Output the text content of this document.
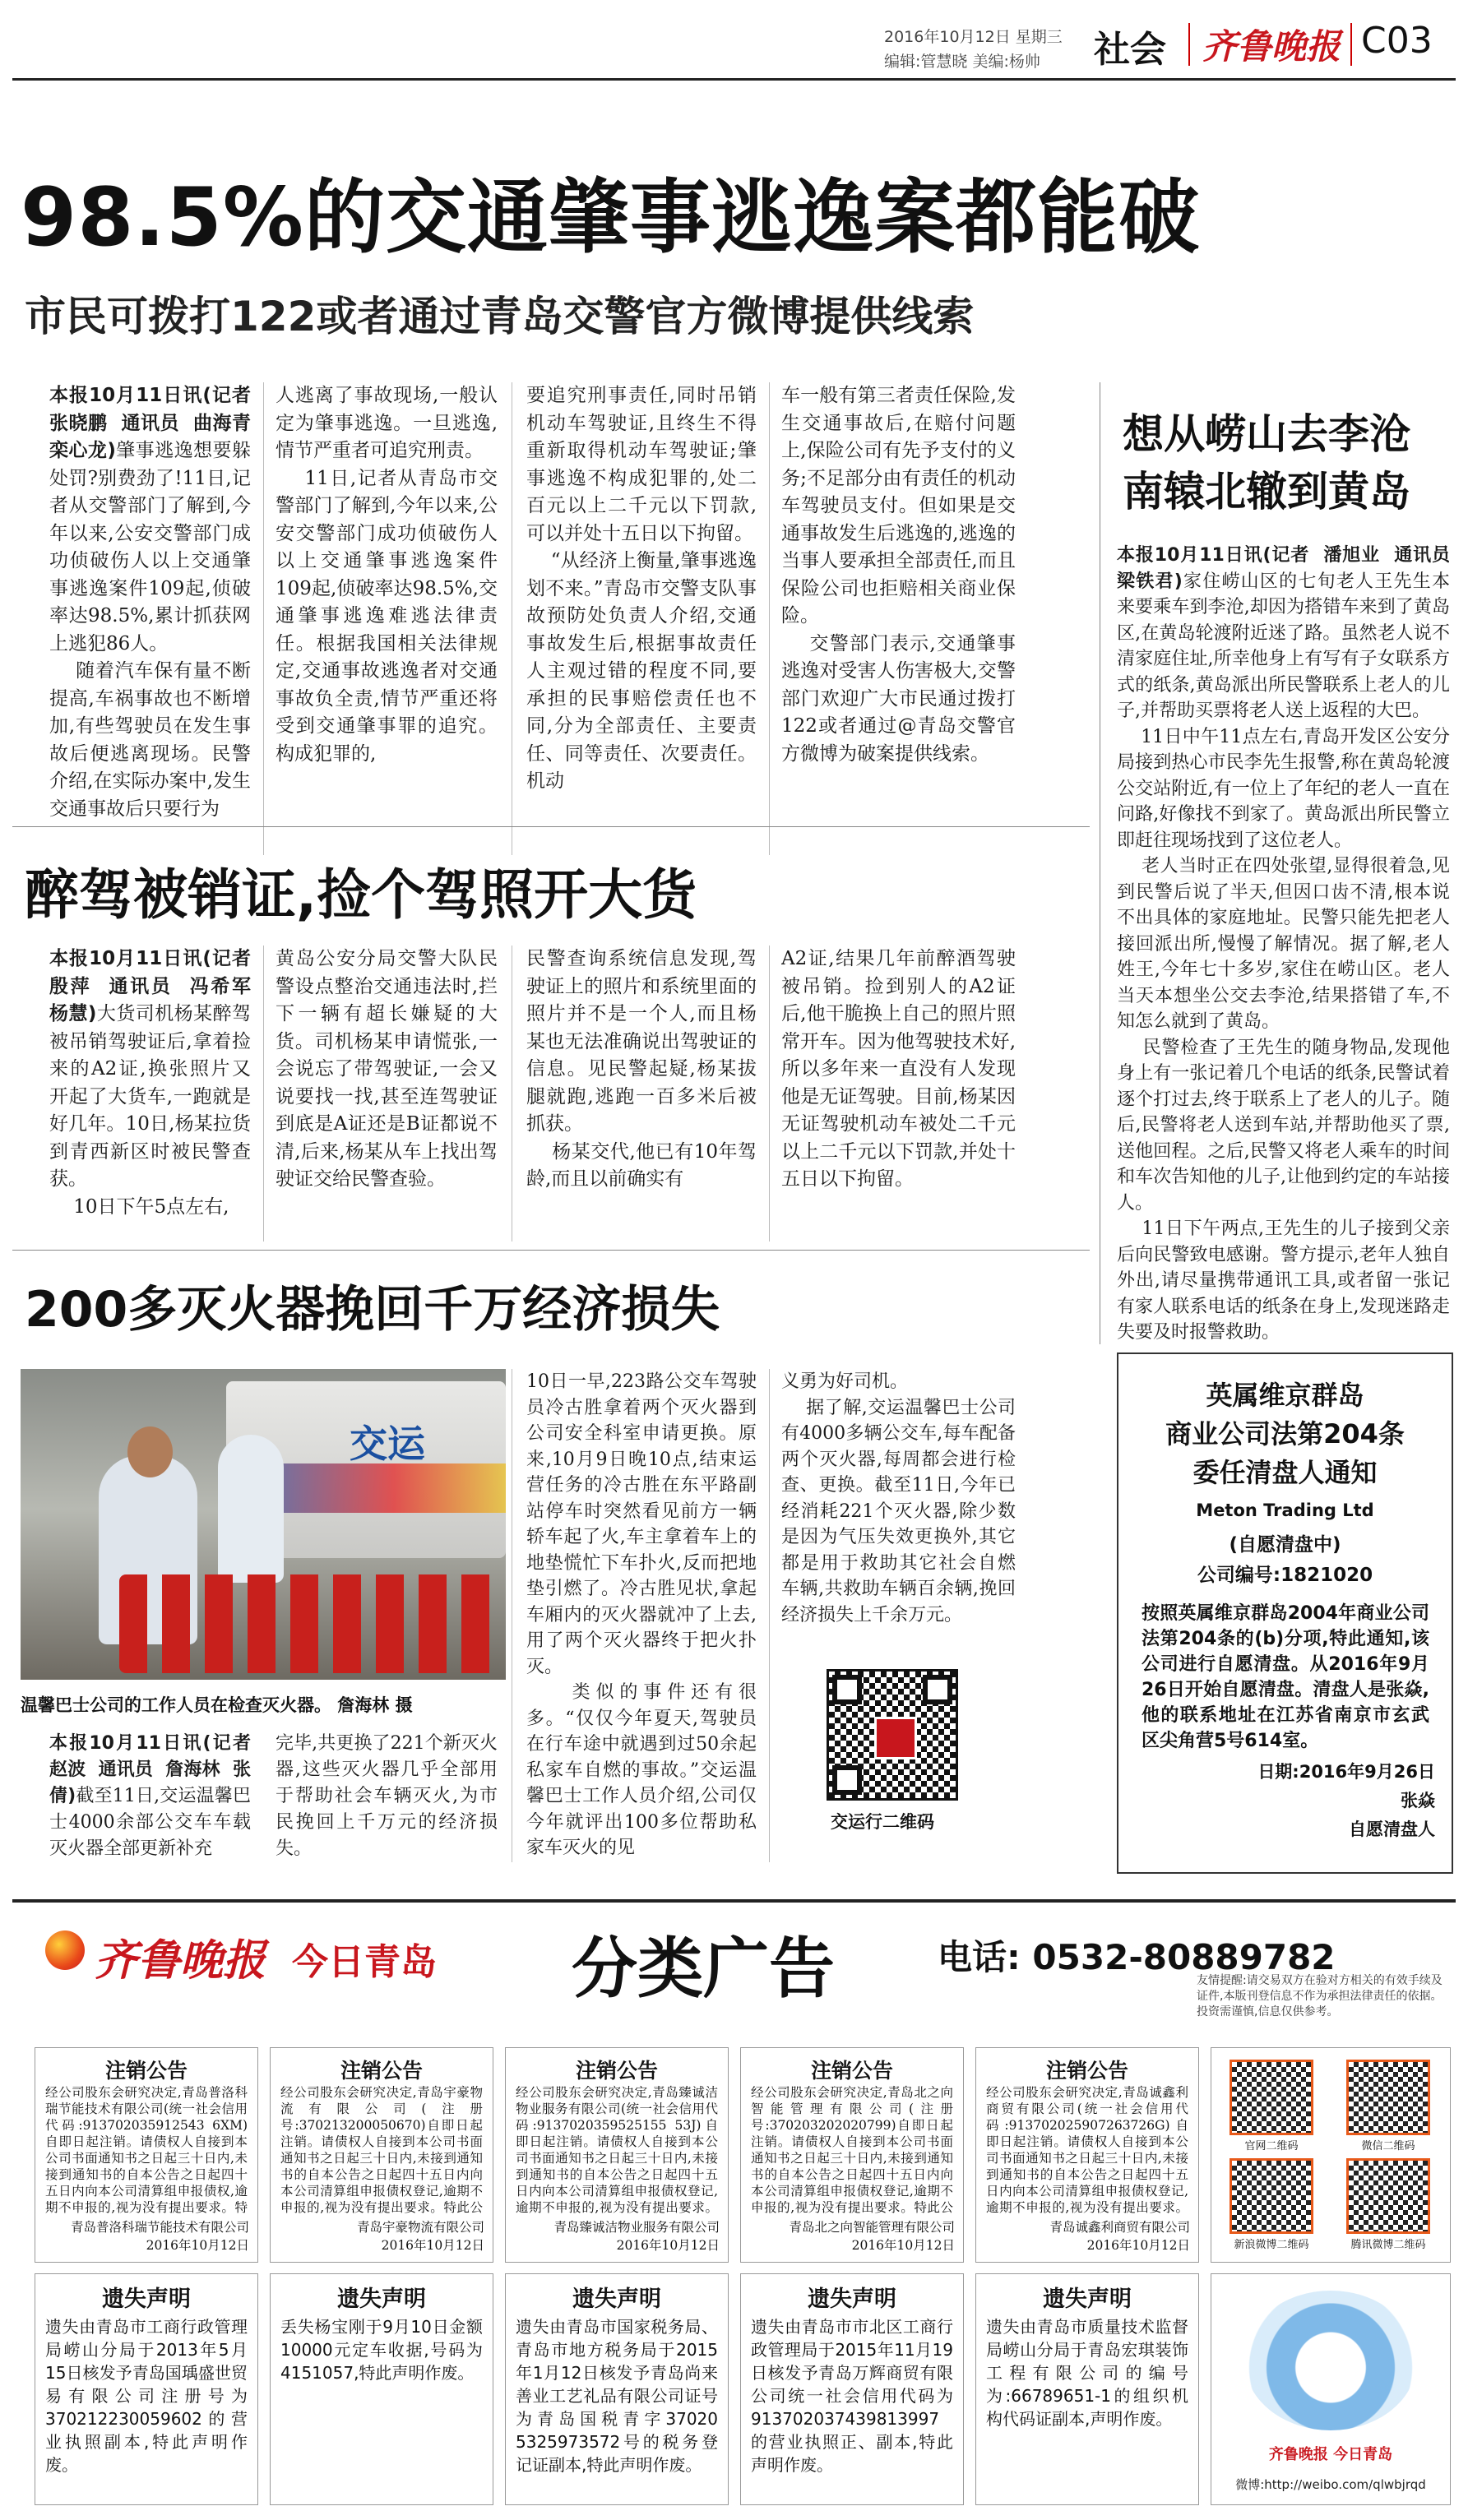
2016年10月12日 星期三
编辑:管慧晓 美编:杨帅 社会 齐鲁晚报 C03
98.5%的交通肇事逃逸案都能破
市民可拨打122或者通过青岛交警官方微博提供线索
本报10月11日讯(记者  张晓鹏  通讯员  曲海青  栾心龙)肇事逃逸想要躲处罚?别费劲了!11日,记者从交警部门了解到,今年以来,公安交警部门成功侦破伤人以上交通肇事逃逸案件109起,侦破率达98.5%,累计抓获网上逃犯86人。
随着汽车保有量不断提高,车祸事故也不断增加,有些驾驶员在发生事故后便逃离现场。民警介绍,在实际办案中,发生交通事故后只要行为
人逃离了事故现场,一般认定为肇事逃逸。一旦逃逸,情节严重者可追究刑责。
11日,记者从青岛市交警部门了解到,今年以来,公安交警部门成功侦破伤人以上交通肇事逃逸案件109起,侦破率达98.5%,交通肇事逃逸难逃法律责任。根据我国相关法律规定,交通事故逃逸者对交通事故负全责,情节严重还将受到交通肇事罪的追究。构成犯罪的,
要追究刑事责任,同时吊销机动车驾驶证,且终生不得重新取得机动车驾驶证;肇事逃逸不构成犯罪的,处二百元以上二千元以下罚款,可以并处十五日以下拘留。
“从经济上衡量,肇事逃逸划不来。”青岛市交警支队事故预防处负责人介绍,交通事故发生后,根据事故责任人主观过错的程度不同,要承担的民事赔偿责任也不同,分为全部责任、主要责任、同等责任、次要责任。机动
车一般有第三者责任保险,发生交通事故后,在赔付问题上,保险公司有先予支付的义务;不足部分由有责任的机动车驾驶员支付。但如果是交通事故发生后逃逸的,逃逸的当事人要承担全部责任,而且保险公司也拒赔相关商业保险。
交警部门表示,交通肇事逃逸对受害人伤害极大,交警部门欢迎广大市民通过拨打122或者通过@青岛交警官方微博为破案提供线索。
想从崂山去李沧
南辕北辙到黄岛
本报10月11日讯(记者  潘旭业  通讯员  梁铁君)家住崂山区的七旬老人王先生本来要乘车到李沧,却因为搭错车来到了黄岛区,在黄岛轮渡附近迷了路。虽然老人说不清家庭住址,所幸他身上有写有子女联系方式的纸条,黄岛派出所民警联系上老人的儿子,并帮助买票将老人送上返程的大巴。
11日中午11点左右,青岛开发区公安分局接到热心市民李先生报警,称在黄岛轮渡公交站附近,有一位上了年纪的老人一直在问路,好像找不到家了。黄岛派出所民警立即赶往现场找到了这位老人。
老人当时正在四处张望,显得很着急,见到民警后说了半天,但因口齿不清,根本说不出具体的家庭地址。民警只能先把老人接回派出所,慢慢了解情况。据了解,老人姓王,今年七十多岁,家住在崂山区。老人当天本想坐公交去李沧,结果搭错了车,不知怎么就到了黄岛。
民警检查了王先生的随身物品,发现他身上有一张记着几个电话的纸条,民警试着逐个打过去,终于联系上了老人的儿子。随后,民警将老人送到车站,并帮助他买了票,送他回程。之后,民警又将老人乘车的时间和车次告知他的儿子,让他到约定的车站接人。
11日下午两点,王先生的儿子接到父亲后向民警致电感谢。警方提示,老年人独自外出,请尽量携带通讯工具,或者留一张记有家人联系电话的纸条在身上,发现迷路走失要及时报警救助。
醉驾被销证,捡个驾照开大货
本报10月11日讯(记者  殷萍  通讯员  冯希军  杨慧)大货司机杨某醉驾被吊销驾驶证后,拿着捡来的A2证,换张照片又开起了大货车,一跑就是好几年。10日,杨某拉货到青西新区时被民警查获。
10日下午5点左右,
黄岛公安分局交警大队民警设点整治交通违法时,拦下一辆有超长嫌疑的大货。司机杨某申请慌张,一会说忘了带驾驶证,一会又说要找一找,甚至连驾驶证到底是A证还是B证都说不清,后来,杨某从车上找出驾驶证交给民警查验。
民警查询系统信息发现,驾驶证上的照片和系统里面的照片并不是一个人,而且杨某也无法准确说出驾驶证的信息。见民警起疑,杨某拔腿就跑,逃跑一百多米后被抓获。
杨某交代,他已有10年驾龄,而且以前确实有
A2证,结果几年前醉酒驾驶被吊销。捡到别人的A2证后,他干脆换上自己的照片照常开车。因为他驾驶技术好,所以多年来一直没有人发现他是无证驾驶。目前,杨某因无证驾驶机动车被处二千元以上二千元以下罚款,并处十五日以下拘留。
200多灭火器挽回千万经济损失
交运
温馨巴士公司的工作人员在检查灭火器。 詹海林 摄
本报10月11日讯(记者  赵波  通讯员  詹海林  张倩)截至11日,交运温馨巴士4000余部公交车车载灭火器全部更新补充
完毕,共更换了221个新灭火器,这些灭火器几乎全部用于帮助社会车辆灭火,为市民挽回上千万元的经济损失。
10日一早,223路公交车驾驶员冷古胜拿着两个灭火器到公司安全科室申请更换。原来,10月9日晚10点,结束运营任务的冷古胜在东平路副站停车时突然看见前方一辆轿车起了火,车主拿着车上的地垫慌忙下车扑火,反而把地垫引燃了。冷古胜见状,拿起车厢内的灭火器就冲了上去,用了两个灭火器终于把火扑灭。
类似的事件还有很多。“仅仅今年夏天,驾驶员在行车途中就遇到过50余起私家车自燃的事故。”交运温馨巴士工作人员介绍,公司仅今年就评出100多位帮助私家车灭火的见
义勇为好司机。
据了解,交运温馨巴士公司有4000多辆公交车,每车配备两个灭火器,每周都会进行检查、更换。截至11日,今年已经消耗221个灭火器,除少数是因为气压失效更换外,其它都是用于救助其它社会自燃车辆,共救助车辆百余辆,挽回经济损失上千余万元。
交运行二维码
英属维京群岛
商业公司法第204条
委任清盘人通知
Meton Trading Ltd
(自愿清盘中)
公司编号:1821020
按照英属维京群岛2004年商业公司法第204条的(b)分项,特此通知,该公司进行自愿清盘。从2016年9月26日开始自愿清盘。清盘人是张焱,他的联系地址在江苏省南京市玄武区尖角营5号614室。
日期:2016年9月26日
张焱
自愿清盘人
齐鲁晚报 今日青岛 分类广告	电话: 0532-80889782
友情提醒:请交易双方在验对方相关的有效手续及证件,本版刊登信息不作为承担法律责任的依据。投资需谨慎,信息仅供参考。
注销公告
经公司股东会研究决定,青岛普洛科瑞节能技术有限公司(统一社会信用代码:913702035912543 6XM)自即日起注销。请债权人自接到本公司书面通知书之日起三十日内,未接到通知书的自本公告之日起四十五日内向本公司清算组申报债权,逾期不申报的,视为没有提出要求。特
青岛普洛科瑞节能技术有限公司
2016年10月12日
注销公告
经公司股东会研究决定,青岛宇豪物流有限公司(注册号:370213200050670)自即日起注销。请债权人自接到本公司书面通知书之日起三十日内,未接到通知书的自本公告之日起四十五日内向本公司清算组申报债权登记,逾期不申报的,视为没有提出要求。特此公
青岛宇豪物流有限公司
2016年10月12日
注销公告
经公司股东会研究决定,青岛臻诚洁物业服务有限公司(统一社会信用代码:9137020359525155 53J)自即日起注销。请债权人自接到本公司书面通知书之日起三十日内,未接到通知书的自本公告之日起四十五日内向本公司清算组申报债权登记,逾期不申报的,视为没有提出要求。
青岛臻诚洁物业服务有限公司
2016年10月12日
注销公告
经公司股东会研究决定,青岛北之向智能管理有限公司(注册号:370203202020799)自即日起注销。请债权人自接到本公司书面通知书之日起三十日内,未接到通知书的自本公告之日起四十五日内向本公司清算组申报债权登记,逾期不申报的,视为没有提出要求。特此公
青岛北之向智能管理有限公司
2016年10月12日
注销公告
经公司股东会研究决定,青岛诚鑫利商贸有限公司(统一社会信用代码:913702025907263726G)自即日起注销。请债权人自接到本公司书面通知书之日起三十日内,未接到通知书的自本公告之日起四十五日内向本公司清算组申报债权登记,逾期不申报的,视为没有提出要求。
青岛诚鑫利商贸有限公司
2016年10月12日
官网二维码	微信二维码
新浪微博二维码	腾讯微博二维码
遗失声明
遗失由青岛市工商行政管理局崂山分局于2013年5月15日核发予青岛国瑀盛世贸易有限公司注册号为370212230059602的营业执照副本,特此声明作废。
遗失声明
丢失杨宝刚于9月10日金额10000元定车收据,号码为4151057,特此声明作废。
遗失声明
遗失由青岛市国家税务局、青岛市地方税务局于2015年1月12日核发予青岛尚来善业工艺礼品有限公司证号为青岛国税青字37020 5325973572号的税务登记证副本,特此声明作废。
遗失声明
遗失由青岛市市北区工商行政管理局于2015年11月19日核发予青岛万辉商贸有限公司统一社会信用代码为913702037439813997的营业执照正、副本,特此声明作废。
遗失声明
遗失由青岛市质量技术监督局崂山分局于青岛宏琪装饰工程有限公司的编号为:66789651-1的组织机构代码证副本,声明作废。
齐鲁晚报 今日青岛
微博:http://weibo.com/qlwbjrqd
